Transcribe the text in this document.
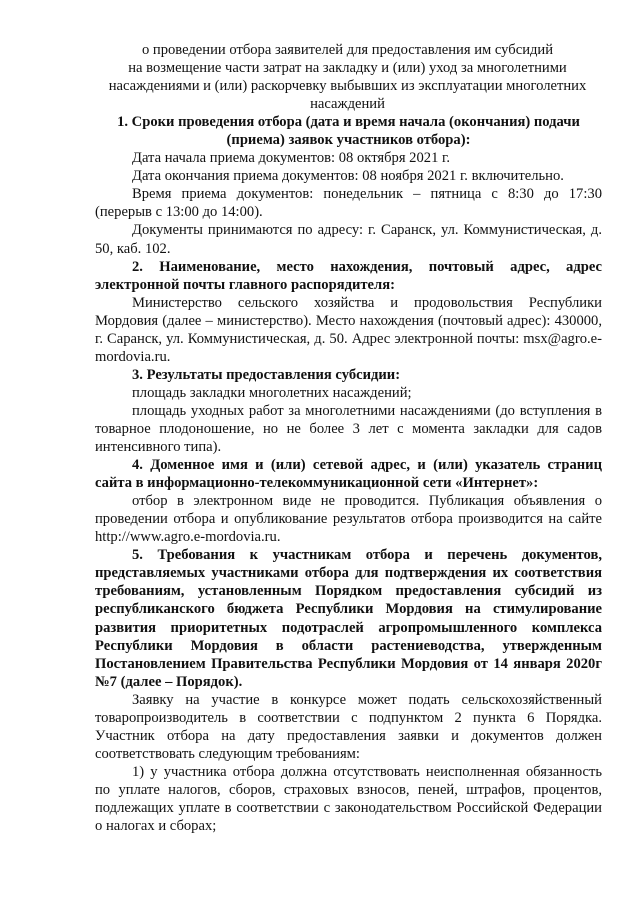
о проведении отбора заявителей для предоставления им субсидий

на возмещение части затрат на закладку и (или) уход за многолетними

насаждениями и (или) раскорчевку выбывших из эксплуатации многолетних

насаждений

1. Сроки проведения отбора (дата и время начала (окончания) подачи

(приема) заявок участников отбора):

Дата начала приема документов: 08 октября 2021 г.

Дата окончания приема документов: 08 ноября 2021 г. включительно.

Время приема документов: понедельник – пятница с 8:30 до 17:30 (перерыв с 13:00 до 14:00).

Документы принимаются по адресу: г. Саранск, ул. Коммунистическая, д. 50, каб. 102.

2. Наименование, место нахождения, почтовый адрес, адрес электронной почты главного распорядителя:

Министерство сельского хозяйства и продовольствия Республики Мордовия (далее – министерство). Место нахождения (почтовый адрес): 430000, г. Саранск, ул. Коммунистическая, д. 50. Адрес электронной почты: msx@agro.e-mordovia.ru.

3. Результаты предоставления субсидии:

площадь закладки многолетних насаждений;

площадь уходных работ за многолетними насаждениями (до вступления в товарное плодоношение, но не более 3 лет с момента закладки для садов интенсивного типа).

4. Доменное имя и (или) сетевой адрес, и (или) указатель страниц сайта в информационно-телекоммуникационной сети «Интернет»:

отбор в электронном виде не проводится. Публикация объявления о проведении отбора и опубликование результатов отбора производится на сайте http://www.agro.e-mordovia.ru.

5. Требования к участникам отбора и перечень документов, представляемых участниками отбора для подтверждения их соответствия требованиям, установленным Порядком предоставления субсидий из республиканского бюджета Республики Мордовия на стимулирование развития приоритетных подотраслей агропромышленного комплекса Республики Мордовия в области растениеводства, утвержденным Постановлением Правительства Республики Мордовия от 14 января 2020г №7 (далее – Порядок).

Заявку на участие в конкурсе может подать сельскохозяйственный товаропроизводитель в соответствии с подпунктом 2 пункта 6 Порядка. Участник отбора на дату предоставления заявки и документов должен соответствовать следующим требованиям:

1) у участника отбора должна отсутствовать неисполненная обязанность по уплате налогов, сборов, страховых взносов, пеней, штрафов, процентов, подлежащих уплате в соответствии с законодательством Российской Федерации о налогах и сборах;
